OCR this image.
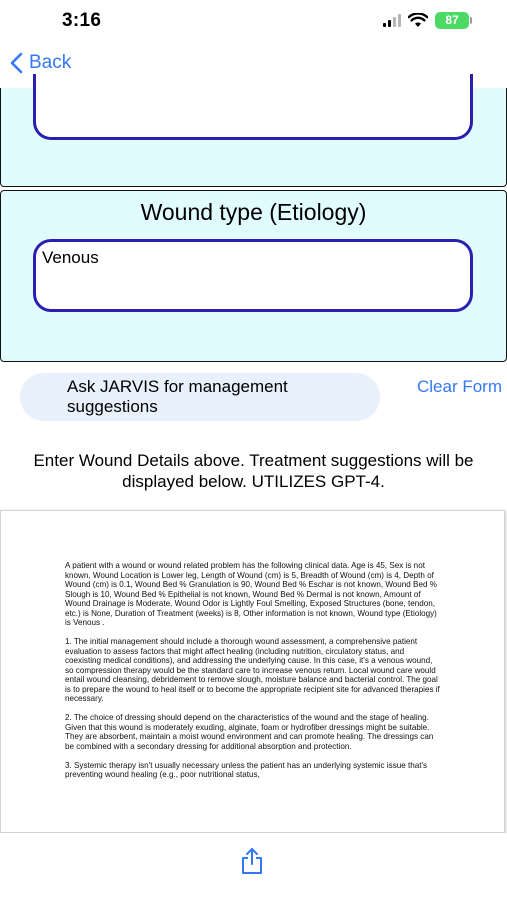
3:16	87
Back
Wound type (Etiology)
Venous
Ask JARVIS for management suggestions
Clear Form
Enter Wound Details above. Treatment suggestions will be displayed below. UTILIZES GPT-4.

A patient with a wound or wound related problem has the following clinical data. Age is 45, Sex is not known, Wound Location is Lower leg, Length of Wound (cm) is 5, Breadth of Wound (cm) is 4, Depth of Wound (cm) is 0.1, Wound Bed % Granulation is 90, Wound Bed % Eschar is not known, Wound Bed % Slough is 10, Wound Bed % Epithelial is not known, Wound Bed % Dermal is not known, Amount of Wound Drainage is Moderate, Wound Odor is Lightly Foul Smelling, Exposed Structures (bone, tendon, etc.) is None, Duration of Treatment (weeks) is 8, Other information is not known, Wound type (Etiology) is Venous .

1. The initial management should include a thorough wound assessment, a comprehensive patient evaluation to assess factors that might affect healing (including nutrition, circulatory status, and coexisting medical conditions), and addressing the underlying cause. In this case, it's a venous wound, so compression therapy would be the standard care to increase venous return. Local wound care would entail wound cleansing, debridement to remove slough, moisture balance and bacterial control. The goal is to prepare the wound to heal itself or to become the appropriate recipient site for advanced therapies if necessary.

2. The choice of dressing should depend on the characteristics of the wound and the stage of healing. Given that this wound is moderately exuding, alginate, foam or hydrofiber dressings might be suitable. They are absorbent, maintain a moist wound environment and can promote healing. The dressings can be combined with a secondary dressing for additional absorption and protection.

3. Systemic therapy isn't usually necessary unless the patient has an underlying systemic issue that's preventing wound healing (e.g., poor nutritional status,
